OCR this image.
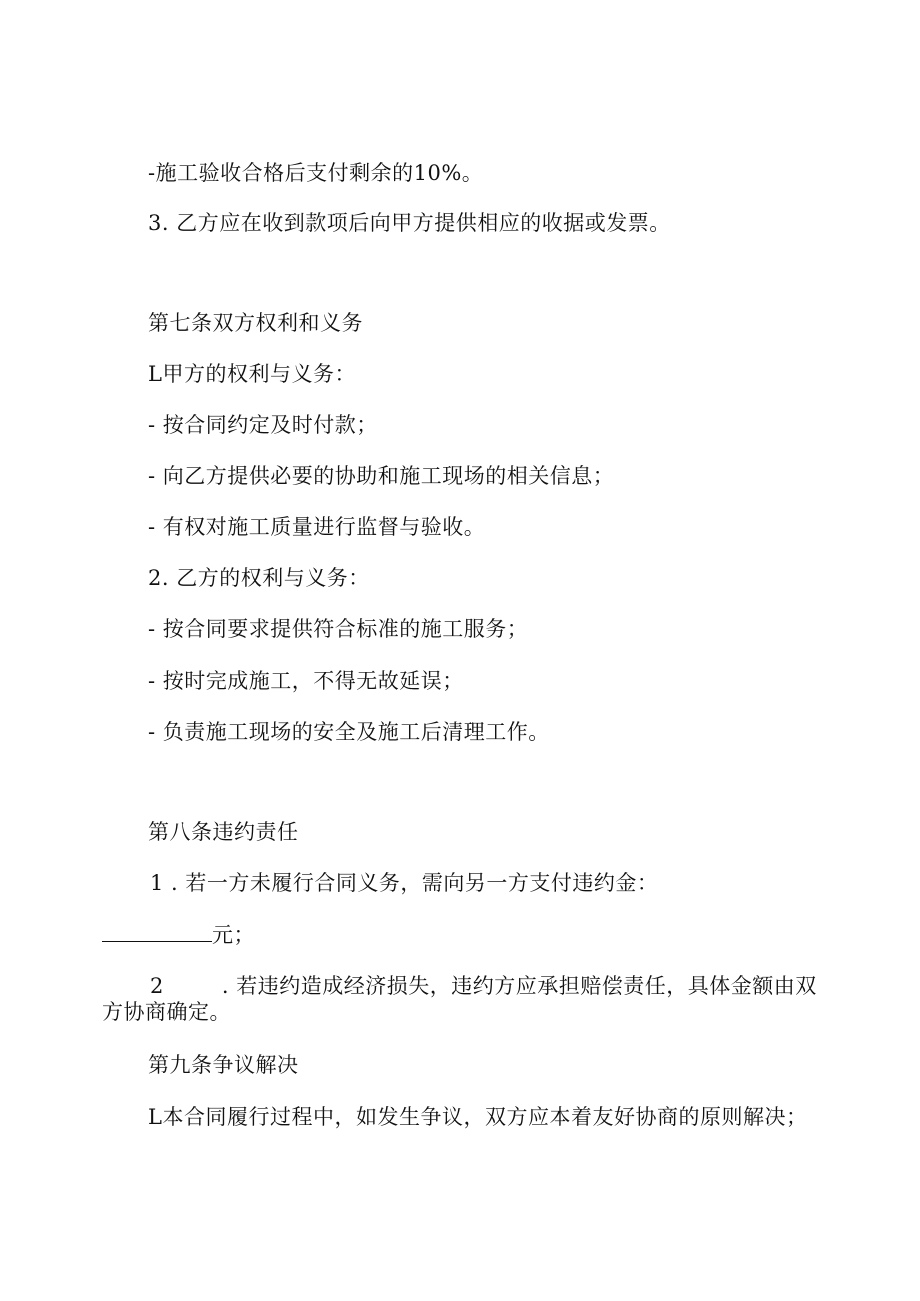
-施工验收合格后支付剩余的10%。

3. 乙方应在收到款项后向甲方提供相应的收据或发票。

第七条双方权利和义务

L甲方的权利与义务：

- 按合同约定及时付款；

- 向乙方提供必要的协助和施工现场的相关信息；

- 有权对施工质量进行监督与验收。

2. 乙方的权利与义务：

- 按合同要求提供符合标准的施工服务；

- 按时完成施工，不得无故延误；

- 负责施工现场的安全及施工后清理工作。

第八条违约责任

1 . 若一方未履行合同义务，需向另一方支付违约金：

元；

2	. 若违约造成经济损失，违约方应承担赔偿责任，具体金额由双

方协商确定。

第九条争议解决

L本合同履行过程中，如发生争议，双方应本着友好协商的原则解决；
